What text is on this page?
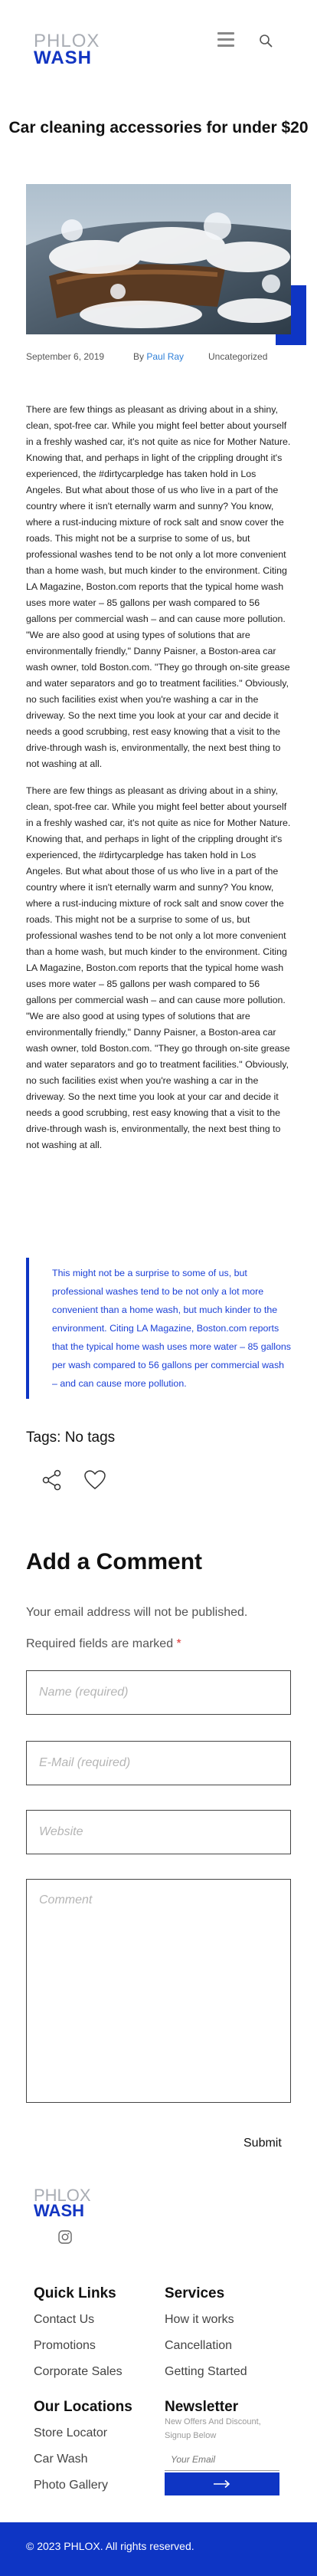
PHLOX
WASH
Car cleaning accessories for under $20
September 6, 2019	By Paul Ray	Uncategorized

There are few things as pleasant as driving about in a shiny, clean, spot-free car. While you might feel better about yourself in a freshly washed car, it's not quite as nice for Mother Nature. Knowing that, and perhaps in light of the crippling drought it's experienced, the #dirtycarpledge has taken hold in Los Angeles. But what about those of us who live in a part of the country where it isn't eternally warm and sunny? You know, where a rust-inducing mixture of rock salt and snow cover the roads. This might not be a surprise to some of us, but professional washes tend to be not only a lot more convenient than a home wash, but much kinder to the environment. Citing LA Magazine, Boston.com reports that the typical home wash uses more water – 85 gallons per wash compared to 56 gallons per commercial wash – and can cause more pollution. "We are also good at using types of solutions that are environmentally friendly," Danny Paisner, a Boston-area car wash owner, told Boston.com. "They go through on-site grease and water separators and go to treatment facilities." Obviously, no such facilities exist when you're washing a car in the driveway. So the next time you look at your car and decide it needs a good scrubbing, rest easy knowing that a visit to the drive-through wash is, environmentally, the next best thing to not washing at all.

There are few things as pleasant as driving about in a shiny, clean, spot-free car. While you might feel better about yourself in a freshly washed car, it's not quite as nice for Mother Nature. Knowing that, and perhaps in light of the crippling drought it's experienced, the #dirtycarpledge has taken hold in Los Angeles. But what about those of us who live in a part of the country where it isn't eternally warm and sunny? You know, where a rust-inducing mixture of rock salt and snow cover the roads. This might not be a surprise to some of us, but professional washes tend to be not only a lot more convenient than a home wash, but much kinder to the environment. Citing LA Magazine, Boston.com reports that the typical home wash uses more water – 85 gallons per wash compared to 56 gallons per commercial wash – and can cause more pollution. "We are also good at using types of solutions that are environmentally friendly," Danny Paisner, a Boston-area car wash owner, told Boston.com. "They go through on-site grease and water separators and go to treatment facilities." Obviously, no such facilities exist when you're washing a car in the driveway. So the next time you look at your car and decide it needs a good scrubbing, rest easy knowing that a visit to the drive-through wash is, environmentally, the next best thing to not washing at all.

This might not be a surprise to some of us, but professional washes tend to be not only a lot more convenient than a home wash, but much kinder to the environment. Citing LA Magazine, Boston.com reports that the typical home wash uses more water – 85 gallons per wash compared to 56 gallons per commercial wash – and can cause more pollution.
Tags: No tags
Add a Comment
Your email address will not be published.
Required fields are marked *
Name (required)
E-Mail (required)
Website
Comment
Submit
PHLOX
WASH
Quick Links
Contact Us
Promotions
Corporate Sales
Services
How it works
Cancellation
Getting Started
Our Locations
Store Locator
Car Wash
Photo Gallery
Newsletter
New Offers And Discount, Signup Below
Your Email
© 2023 PHLOX. All rights reserved.
